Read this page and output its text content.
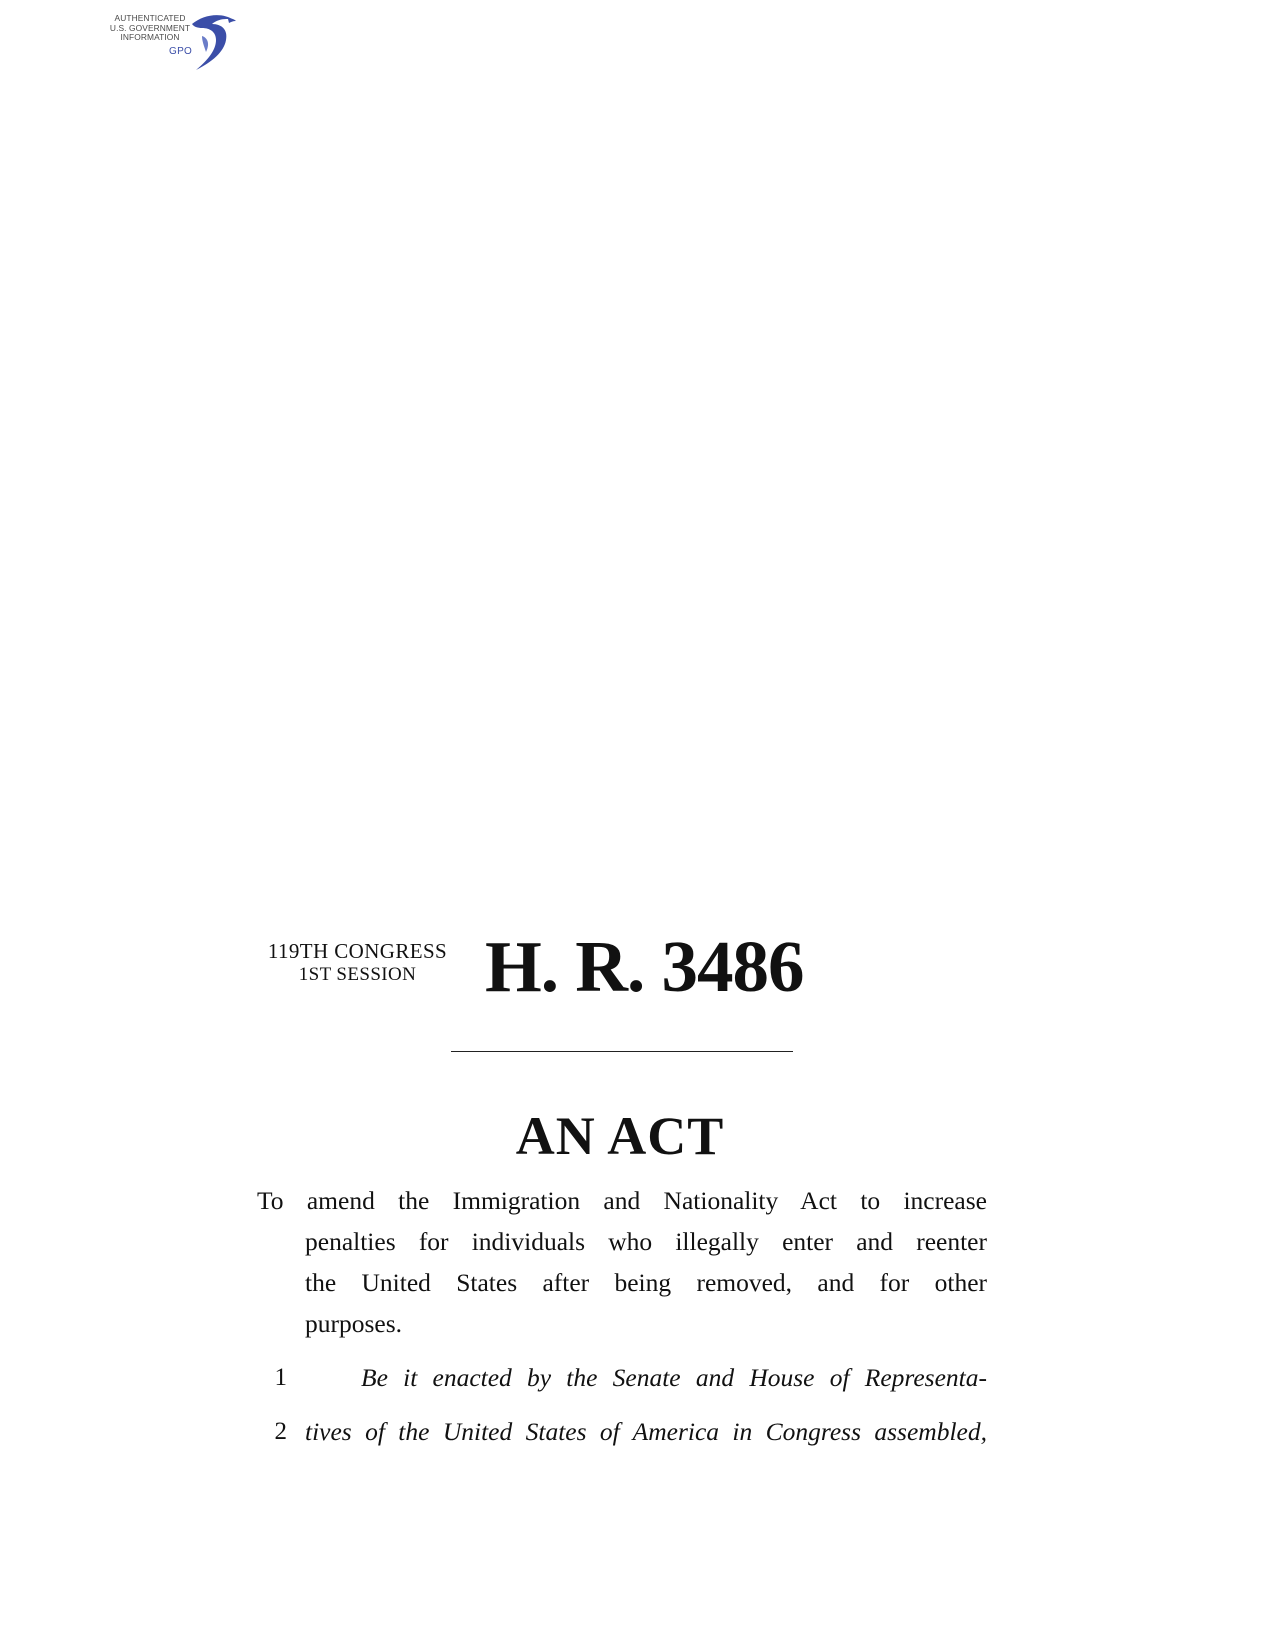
AUTHENTICATED
U.S. GOVERNMENT
INFORMATION
GPO
119TH CONGRESS
1ST SESSION H. R. 3486
AN ACT
To amend the Immigration and Nationality Act to increase
penalties for individuals who illegally enter and reenter
the United States after being removed, and for other
purposes.
1	Be it enacted by the Senate and House of Representa-
2 tives of the United States of America in Congress assembled,
